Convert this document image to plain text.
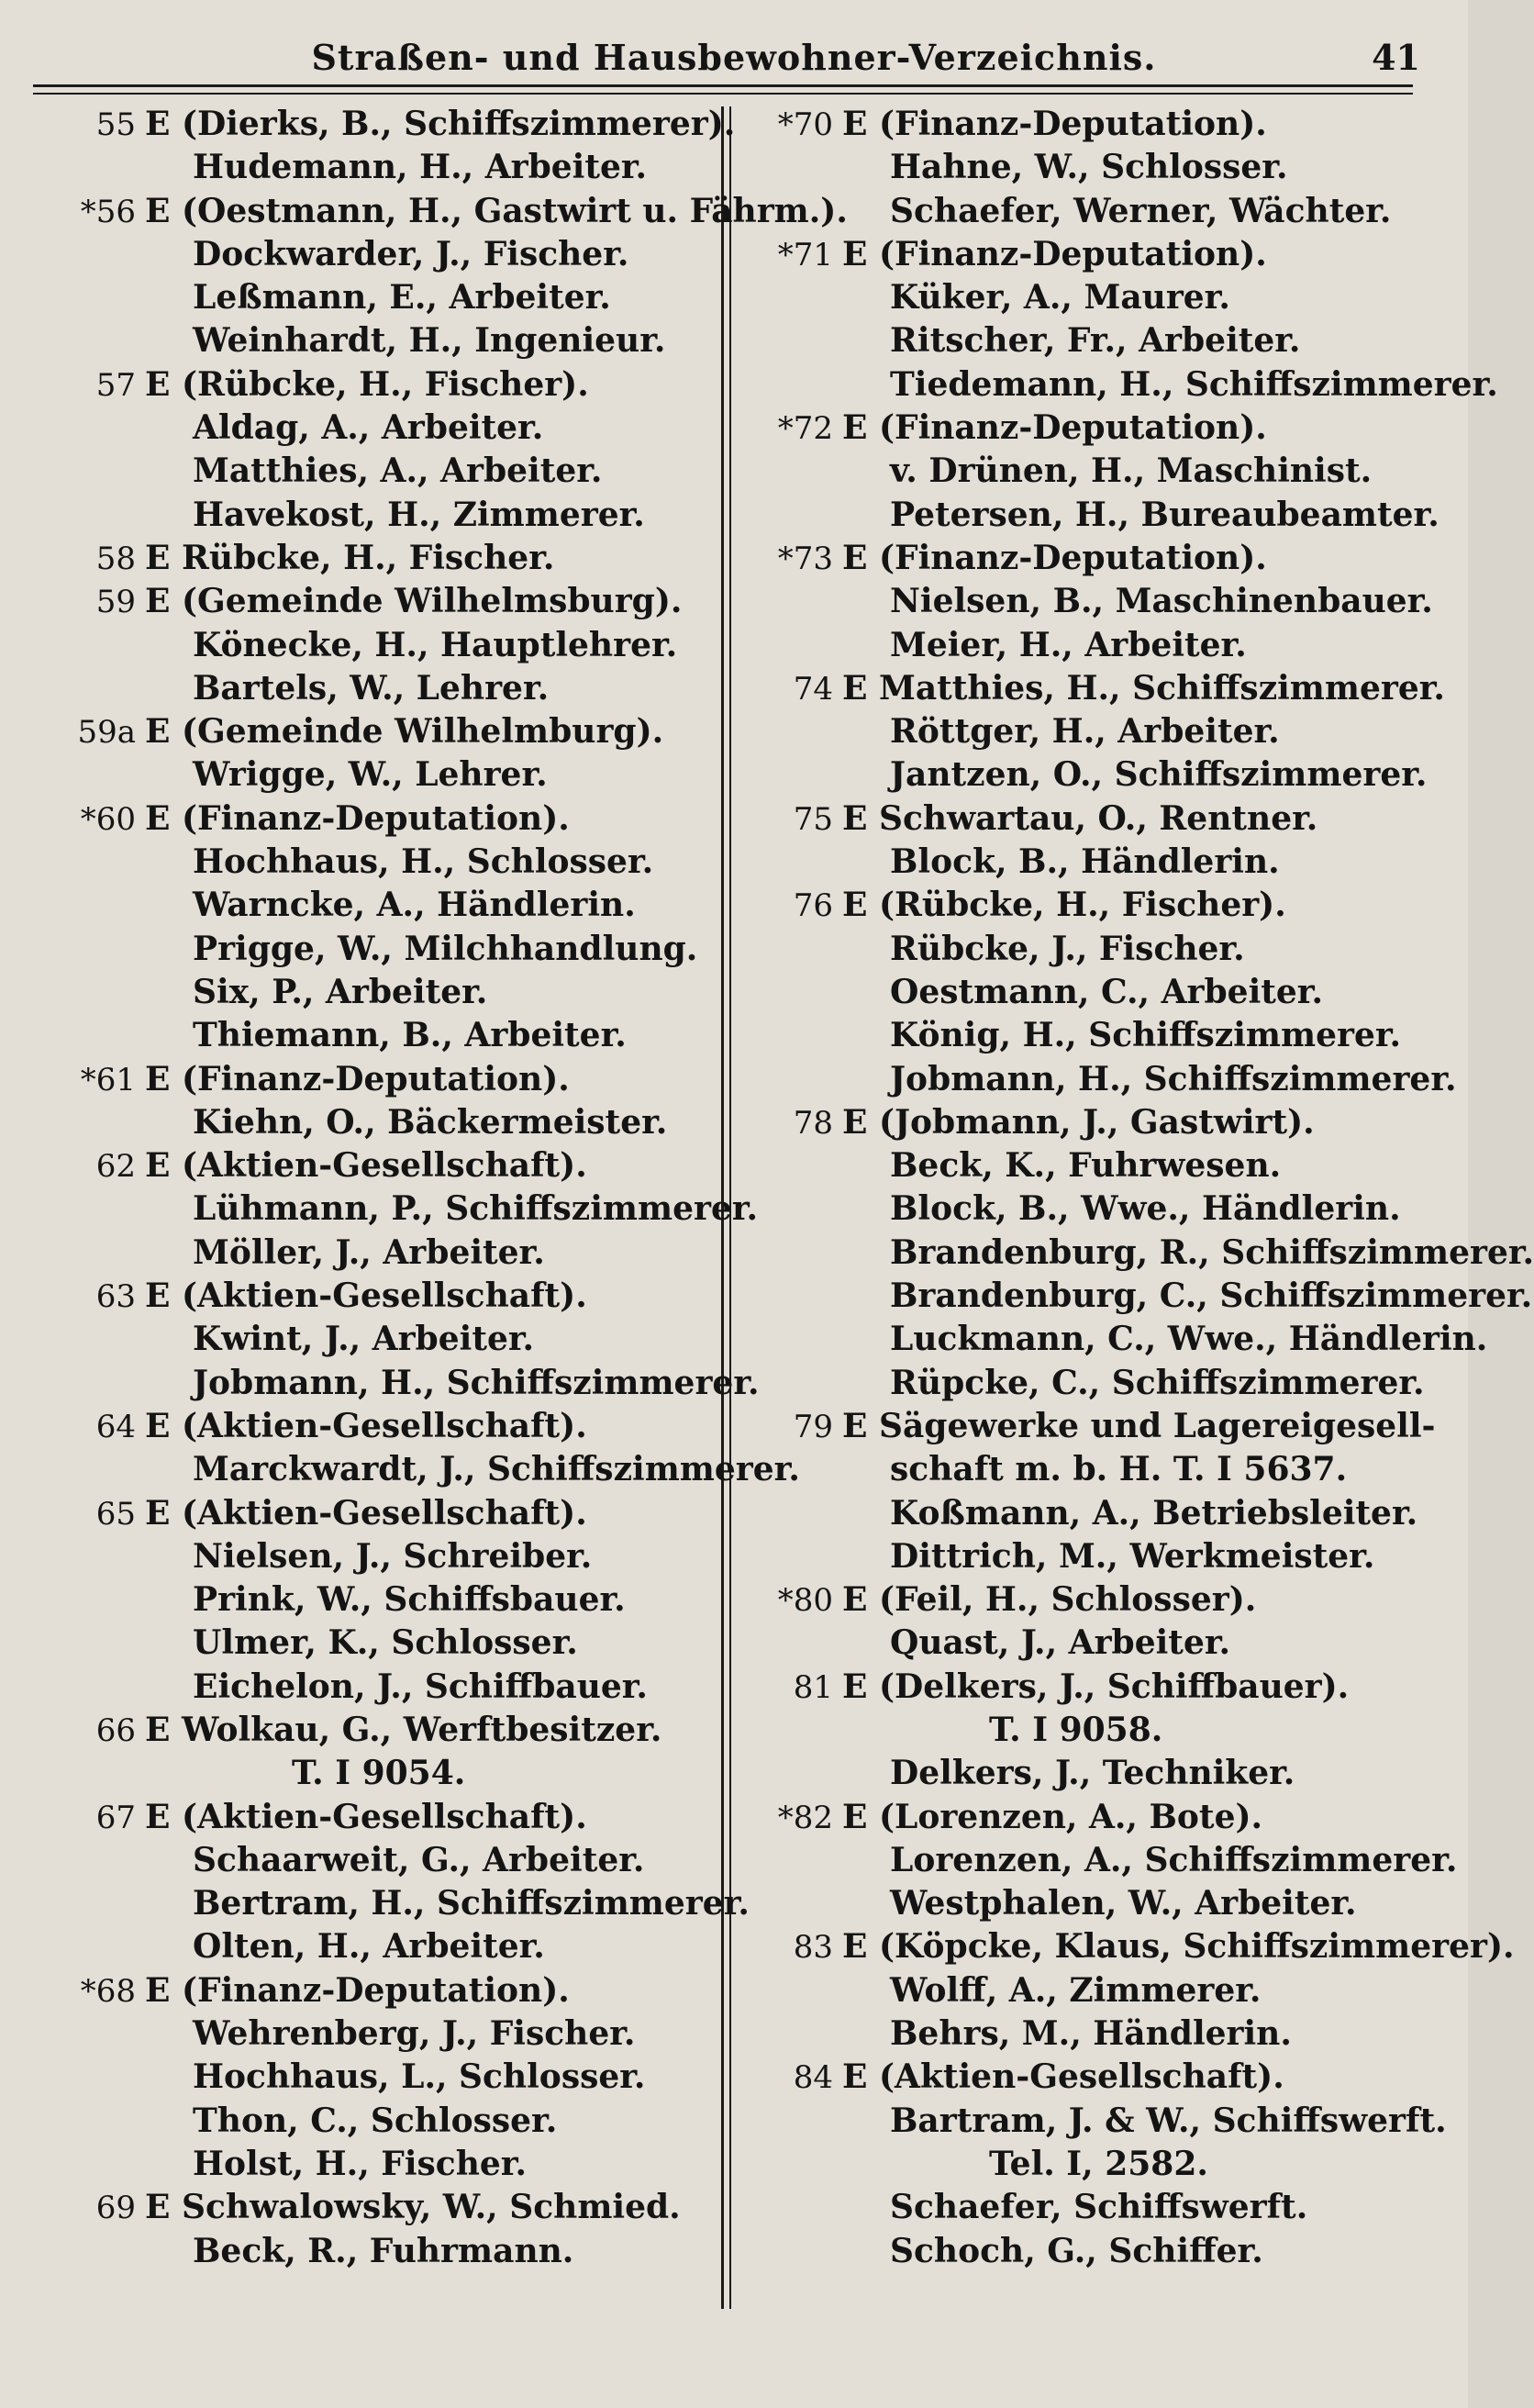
Straßen- und Hausbewohner-Verzeichnis.	41
55 E (Dierks, B., Schiffszimmerer).
Hudemann, H., Arbeiter.
*56 E (Oestmann, H., Gastwirt u. Fährm.).
Dockwarder, J., Fischer.
Leßmann, E., Arbeiter.
Weinhardt, H., Ingenieur.
57 E (Rübcke, H., Fischer).
Aldag, A., Arbeiter.
Matthies, A., Arbeiter.
Havekost, H., Zimmerer.
58 E Rübcke, H., Fischer.
59 E (Gemeinde Wilhelmsburg).
Könecke, H., Hauptlehrer.
Bartels, W., Lehrer.
59a E (Gemeinde Wilhelmburg).
Wrigge, W., Lehrer.
*60 E (Finanz-Deputation).
Hochhaus, H., Schlosser.
Warncke, A., Händlerin.
Prigge, W., Milchhandlung.
Six, P., Arbeiter.
Thiemann, B., Arbeiter.
*61 E (Finanz-Deputation).
Kiehn, O., Bäckermeister.
62 E (Aktien-Gesellschaft).
Lühmann, P., Schiffszimmerer.
Möller, J., Arbeiter.
63 E (Aktien-Gesellschaft).
Kwint, J., Arbeiter.
Jobmann, H., Schiffszimmerer.
64 E (Aktien-Gesellschaft).
Marckwardt, J., Schiffszimmerer.
65 E (Aktien-Gesellschaft).
Nielsen, J., Schreiber.
Prink, W., Schiffsbauer.
Ulmer, K., Schlosser.
Eichelon, J., Schiffbauer.
66 E Wolkau, G., Werftbesitzer.
T. I 9054.
67 E (Aktien-Gesellschaft).
Schaarweit, G., Arbeiter.
Bertram, H., Schiffszimmerer.
Olten, H., Arbeiter.
*68 E (Finanz-Deputation).
Wehrenberg, J., Fischer.
Hochhaus, L., Schlosser.
Thon, C., Schlosser.
Holst, H., Fischer.
69 E Schwalowsky, W., Schmied.
Beck, R., Fuhrmann.
*70 E (Finanz-Deputation).
Hahne, W., Schlosser.
Schaefer, Werner, Wächter.
*71 E (Finanz-Deputation).
Küker, A., Maurer.
Ritscher, Fr., Arbeiter.
Tiedemann, H., Schiffszimmerer.
*72 E (Finanz-Deputation).
v. Drünen, H., Maschinist.
Petersen, H., Bureaubeamter.
*73 E (Finanz-Deputation).
Nielsen, B., Maschinenbauer.
Meier, H., Arbeiter.
74 E Matthies, H., Schiffszimmerer.
Röttger, H., Arbeiter.
Jantzen, O., Schiffszimmerer.
75 E Schwartau, O., Rentner.
Block, B., Händlerin.
76 E (Rübcke, H., Fischer).
Rübcke, J., Fischer.
Oestmann, C., Arbeiter.
König, H., Schiffszimmerer.
Jobmann, H., Schiffszimmerer.
78 E (Jobmann, J., Gastwirt).
Beck, K., Fuhrwesen.
Block, B., Wwe., Händlerin.
Brandenburg, R., Schiffszimmerer.
Brandenburg, C., Schiffszimmerer.
Luckmann, C., Wwe., Händlerin.
Rüpcke, C., Schiffszimmerer.
79 E Sägewerke und Lagereigesell-
schaft m. b. H. T. I 5637.
Koßmann, A., Betriebsleiter.
Dittrich, M., Werkmeister.
*80 E (Feil, H., Schlosser).
Quast, J., Arbeiter.
81 E (Delkers, J., Schiffbauer).
T. I 9058.
Delkers, J., Techniker.
*82 E (Lorenzen, A., Bote).
Lorenzen, A., Schiffszimmerer.
Westphalen, W., Arbeiter.
83 E (Köpcke, Klaus, Schiffszimmerer).
Wolff, A., Zimmerer.
Behrs, M., Händlerin.
84 E (Aktien-Gesellschaft).
Bartram, J. & W., Schiffswerft.
Tel. I, 2582.
Schaefer, Schiffswerft.
Schoch, G., Schiffer.
